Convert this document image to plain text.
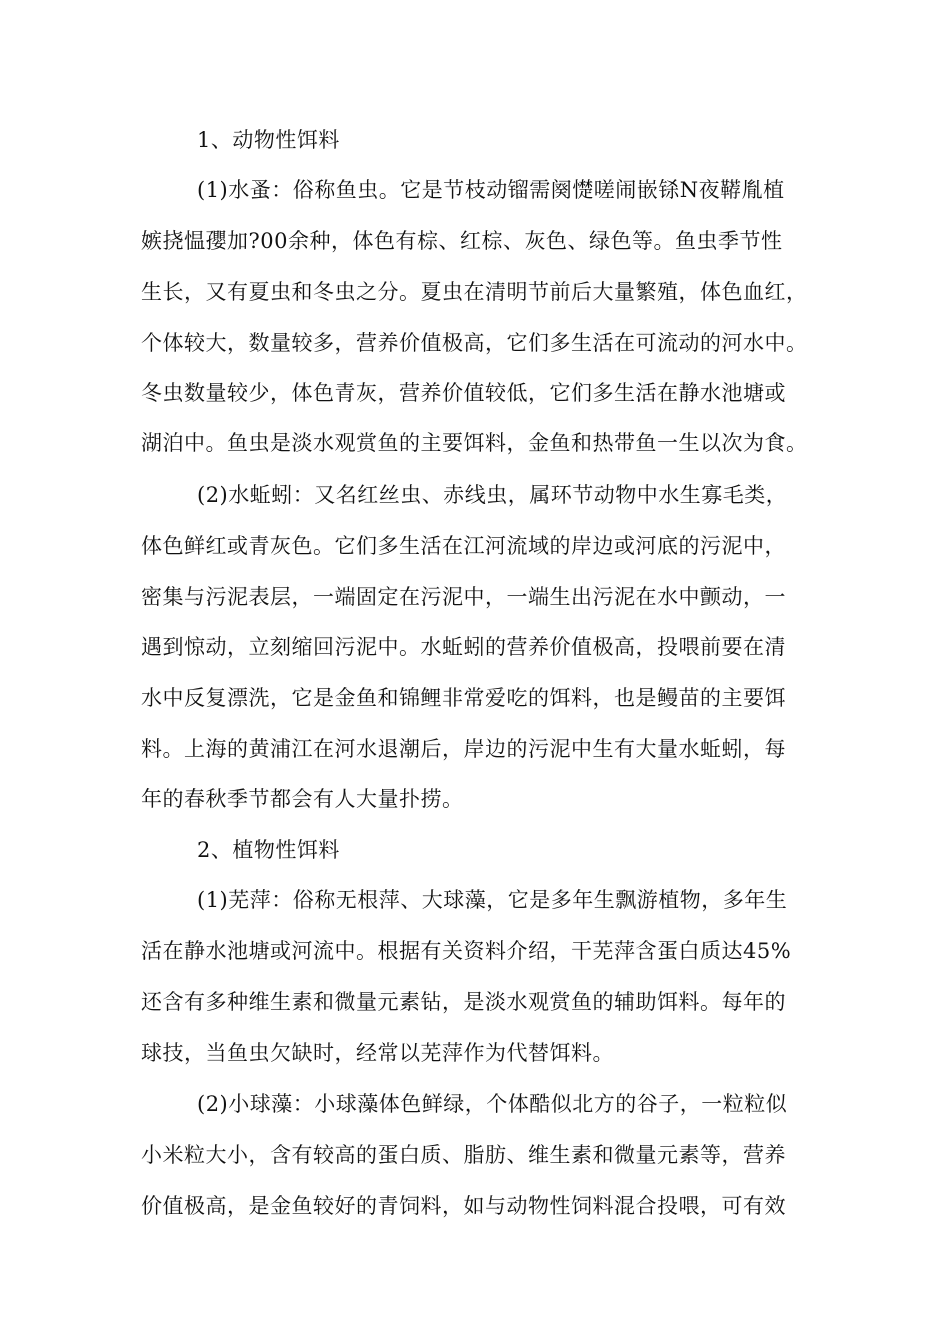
1、动物性饵料
(1)水蚤：俗称鱼虫。它是节枝动镏需阕憷嗟闹嵌铩N夜鞯胤植
嫉挠愠孾加?00余种，体色有棕、红棕、灰色、绿色等。鱼虫季节性
生长，又有夏虫和冬虫之分。夏虫在清明节前后大量繁殖，体色血红，
个体较大，数量较多，营养价值极高，它们多生活在可流动的河水中。
冬虫数量较少，体色青灰，营养价值较低，它们多生活在静水池塘或
湖泊中。鱼虫是淡水观赏鱼的主要饵料，金鱼和热带鱼一生以次为食。
(2)水蚯蚓：又名红丝虫、赤线虫，属环节动物中水生寡毛类，
体色鲜红或青灰色。它们多生活在江河流域的岸边或河底的污泥中，
密集与污泥表层，一端固定在污泥中，一端生出污泥在水中颤动，一
遇到惊动，立刻缩回污泥中。水蚯蚓的营养价值极高，投喂前要在清
水中反复漂洗，它是金鱼和锦鲤非常爱吃的饵料，也是鳗苗的主要饵
料。上海的黄浦江在河水退潮后，岸边的污泥中生有大量水蚯蚓，每
年的春秋季节都会有人大量扑捞。
2、植物性饵料
(1)芜萍：俗称无根萍、大球藻，它是多年生飘游植物，多年生
活在静水池塘或河流中。根据有关资料介绍，干芜萍含蛋白质达45%
还含有多种维生素和微量元素钻，是淡水观赏鱼的辅助饵料。每年的
球技，当鱼虫欠缺时，经常以芜萍作为代替饵料。
(2)小球藻：小球藻体色鲜绿，个体酷似北方的谷子，一粒粒似
小米粒大小，含有较高的蛋白质、脂肪、维生素和微量元素等，营养
价值极高，是金鱼较好的青饲料，如与动物性饲料混合投喂，可有效
